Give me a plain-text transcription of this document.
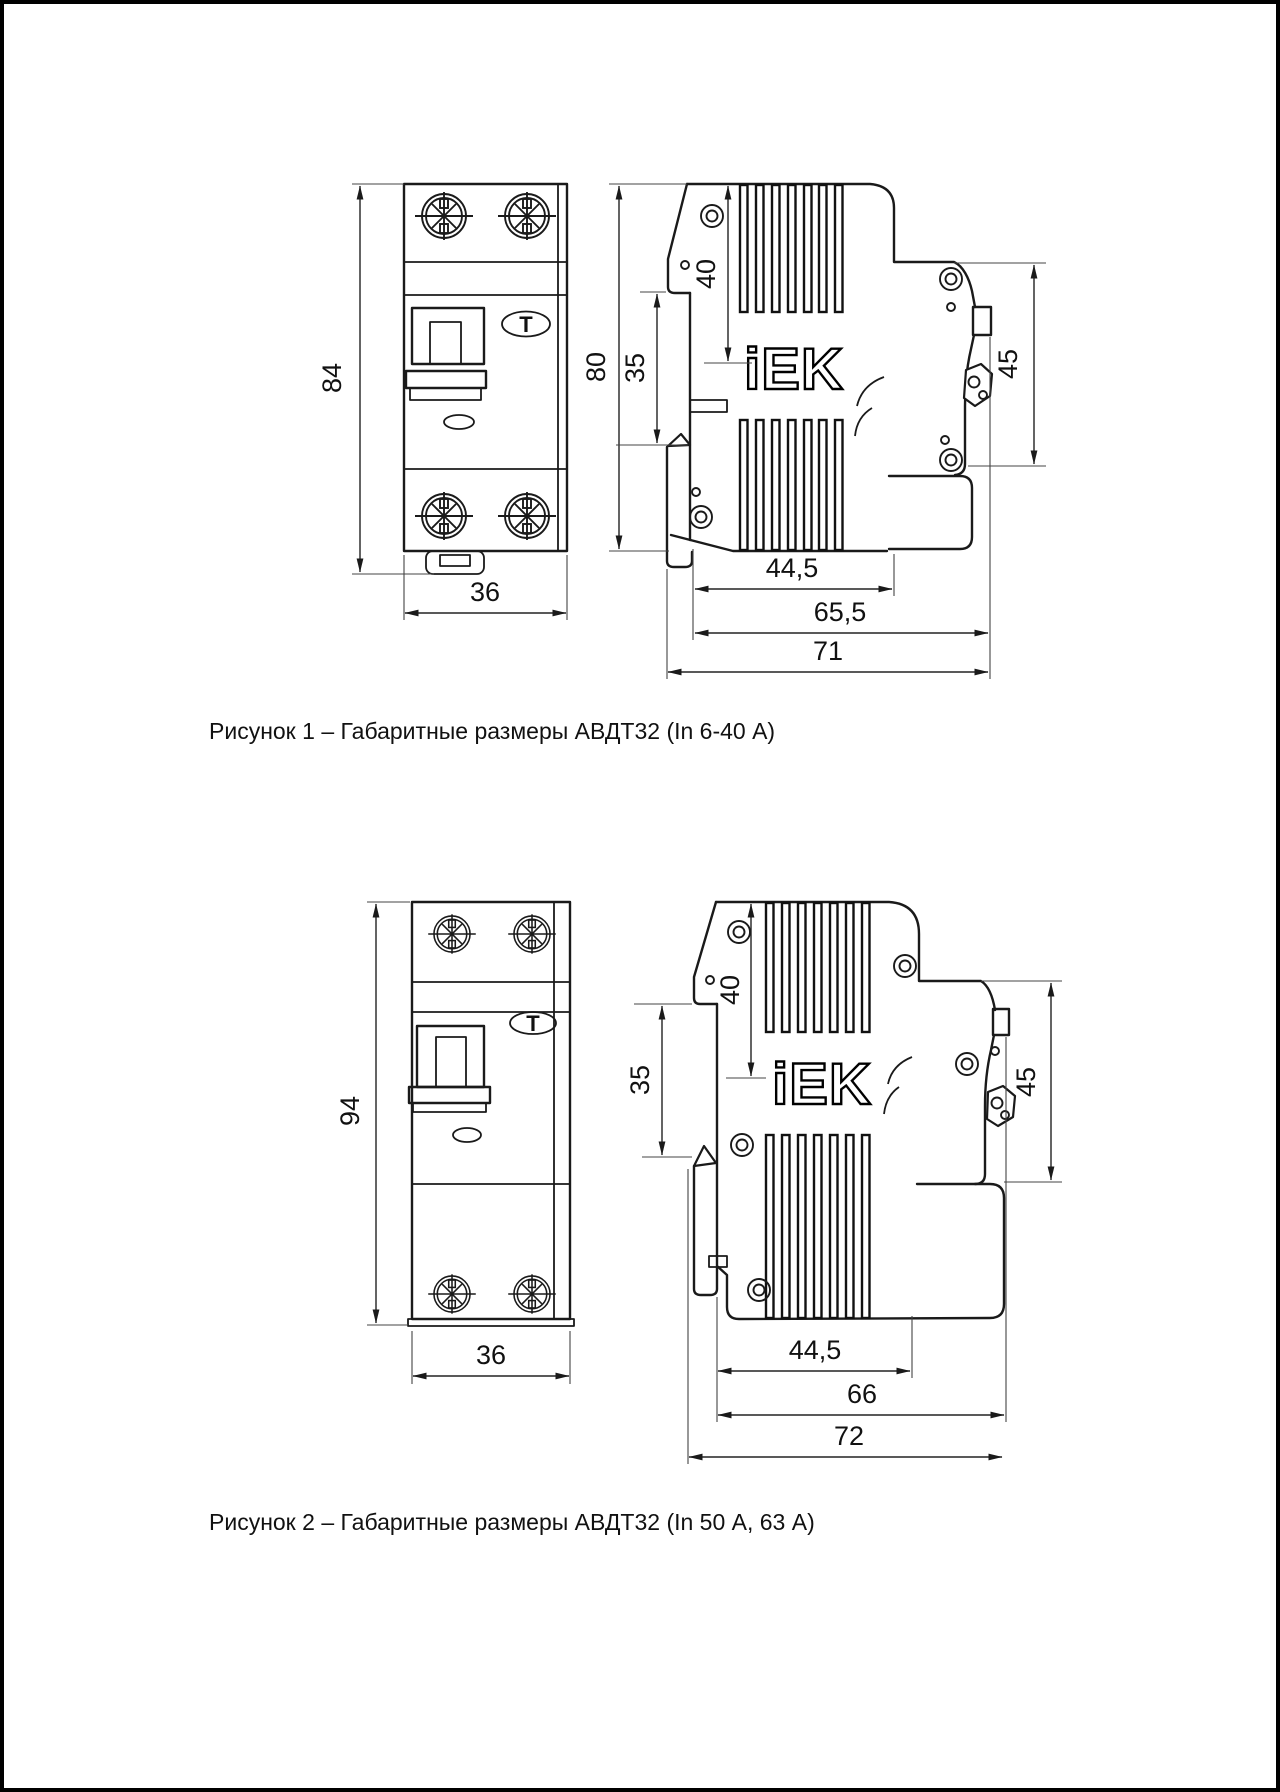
Т
iEK
84
36
80
40
35	45
44,5
65,5
71
Рисунок 1 – Габаритные размеры АВДТ32 (In 6-40 А)
Т
iEK
94
36
40
35	45
44,5
66
72
Рисунок 2 – Габаритные размеры АВДТ32 (In 50 А, 63 А)
